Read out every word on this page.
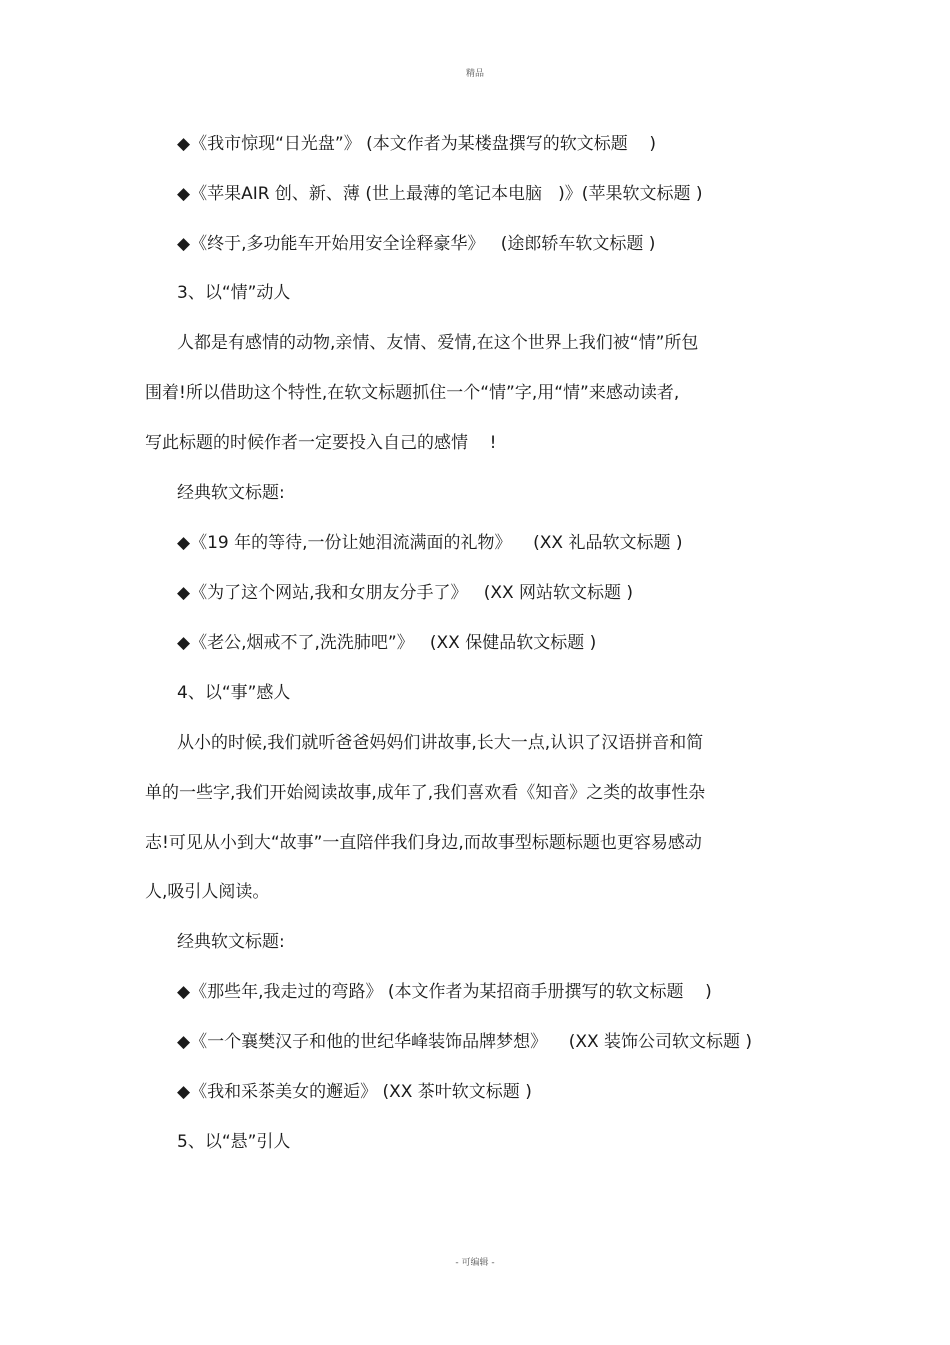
精品
◆《我市惊现“日光盘”》 (本文作者为某楼盘撰写的软文标题    )
◆《苹果AIR 创、新、薄 (世上最薄的笔记本电脑   )》(苹果软文标题 )
◆《终于,多功能车开始用安全诠释豪华》   (途郎轿车软文标题 )
3、以“情”动人
人都是有感情的动物,亲情、友情、爱情,在这个世界上我们被“情”所包
围着!所以借助这个特性,在软文标题抓住一个“情”字,用“情”来感动读者,
写此标题的时候作者一定要投入自己的感情    !
经典软文标题:
◆《19 年的等待,一份让她泪流满面的礼物》    (XX 礼品软文标题 )
◆《为了这个网站,我和女朋友分手了》   (XX 网站软文标题 )
◆《老公,烟戒不了,洗洗肺吧”》   (XX 保健品软文标题 )
4、以“事”感人
从小的时候,我们就听爸爸妈妈们讲故事,长大一点,认识了汉语拼音和简
单的一些字,我们开始阅读故事,成年了,我们喜欢看《知音》之类的故事性杂
志!可见从小到大“故事”一直陪伴我们身边,而故事型标题标题也更容易感动
人,吸引人阅读。
经典软文标题:
◆《那些年,我走过的弯路》 (本文作者为某招商手册撰写的软文标题    )
◆《一个襄樊汉子和他的世纪华峰装饰品牌梦想》    (XX 装饰公司软文标题 )
◆《我和采茶美女的邂逅》 (XX 茶叶软文标题 )
5、以“悬”引人
- 可编辑 -
